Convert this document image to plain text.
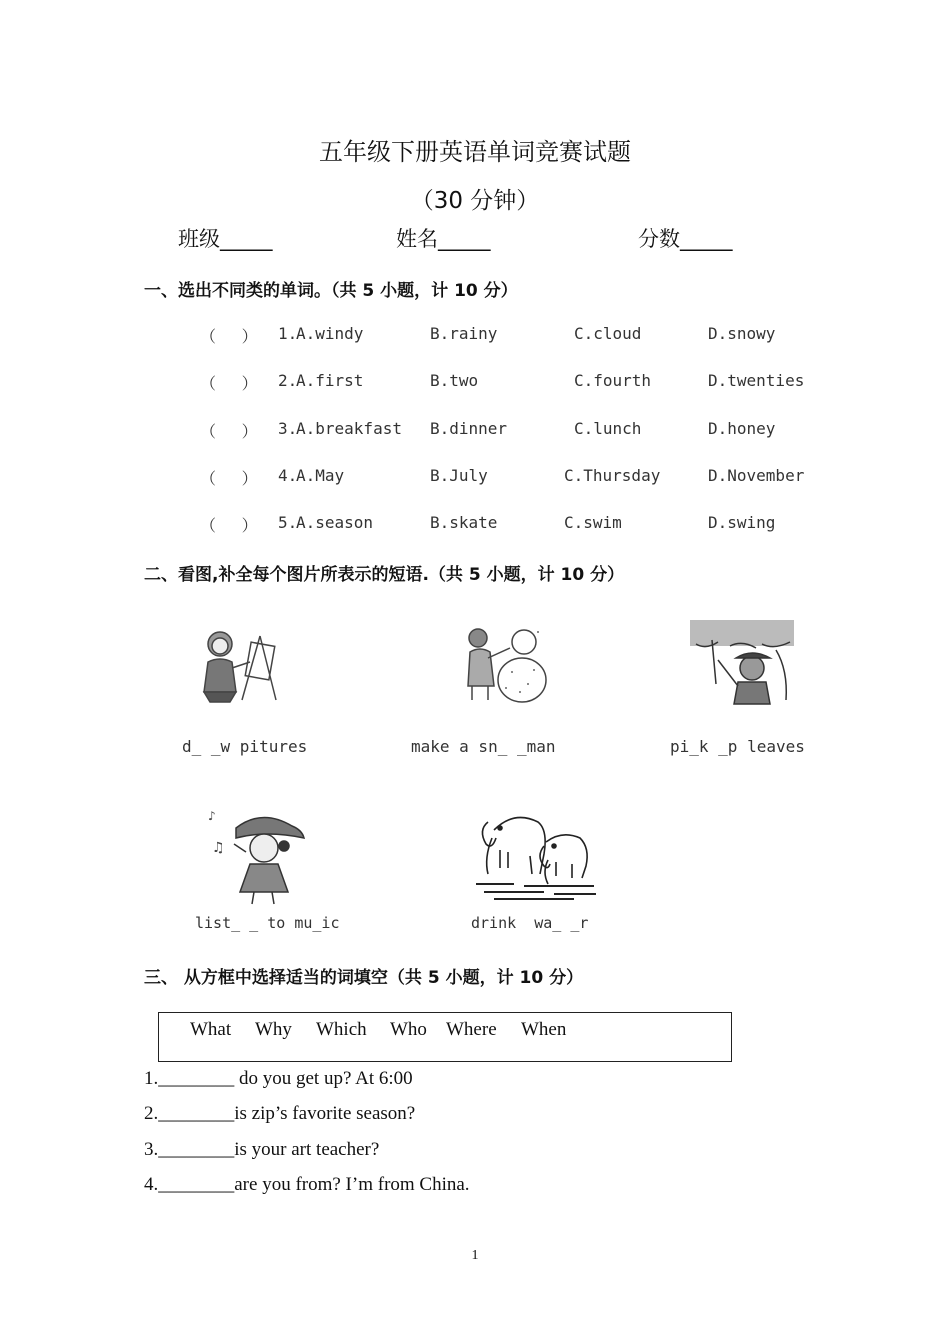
五年级下册英语单词竞赛试题
（30 分钟）
班级_____	姓名_____	分数_____
一、选出不同类的单词。（共 5 小题，计 10 分）
（　 ） 1.
A.windy	B.rainy	C.cloud	D.snowy
（　 ） 2.
A.first	B.two	C.fourth	D.twenties
（　 ） 3.
A.breakfast B.dinner	C.lunch	D.honey
（　 ） 4.
A.May	B.July	C.Thursday	D.November
（　 ） 5.
A.season	B.skate	C.swim	D.swing
二、看图,补全每个图片所表示的短语.（共 5 小题，计 10 分）
d_ _w pitures	make a sn_ _man	pi_k _p leaves
♪
♫
list_ _ to mu_ic	drink  wa_ _r
三、 从方框中选择适当的词填空（共 5 小题，计 10 分）
What Why Which Who Where When
1.________ do you get up? At 6:00
2.________is zip’s favorite season?
3.________is your art teacher?
4.________are you from? I’m from China.
1
